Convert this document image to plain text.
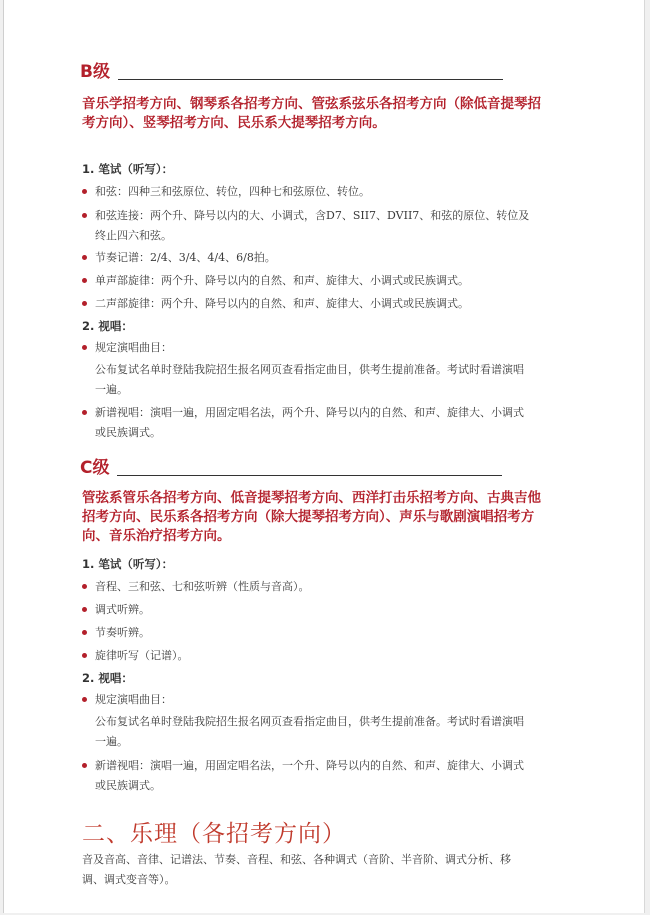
B级
音乐学招考方向、钢琴系各招考方向、管弦系弦乐各招考方向（除低音提琴招考方向）、竖琴招考方向、民乐系大提琴招考方向。
1. 笔试（听写）：
和弦：四种三和弦原位、转位，四种七和弦原位、转位。
和弦连接：两个升、降号以内的大、小调式，含D7、SII7、DVII7、和弦的原位、转位及终止四六和弦。
节奏记谱：2/4、3/4、4/4、6/8拍。
单声部旋律：两个升、降号以内的自然、和声、旋律大、小调式或民族调式。
二声部旋律：两个升、降号以内的自然、和声、旋律大、小调式或民族调式。
2. 视唱：
规定演唱曲目：
公布复试名单时登陆我院招生报名网页查看指定曲目，供考生提前准备。考试时看谱演唱一遍。
新谱视唱：演唱一遍，用固定唱名法，两个升、降号以内的自然、和声、旋律大、小调式或民族调式。
C级
管弦系管乐各招考方向、低音提琴招考方向、西洋打击乐招考方向、古典吉他招考方向、民乐系各招考方向（除大提琴招考方向）、声乐与歌剧演唱招考方向、音乐治疗招考方向。
1. 笔试（听写）：
音程、三和弦、七和弦听辨（性质与音高）。
调式听辨。
节奏听辨。
旋律听写（记谱）。
2. 视唱：
规定演唱曲目：
公布复试名单时登陆我院招生报名网页查看指定曲目，供考生提前准备。考试时看谱演唱一遍。
新谱视唱：演唱一遍，用固定唱名法，一个升、降号以内的自然、和声、旋律大、小调式或民族调式。
二、乐理（各招考方向）
音及音高、音律、记谱法、节奏、音程、和弦、各种调式（音阶、半音阶、调式分析、移调、调式变音等）。
